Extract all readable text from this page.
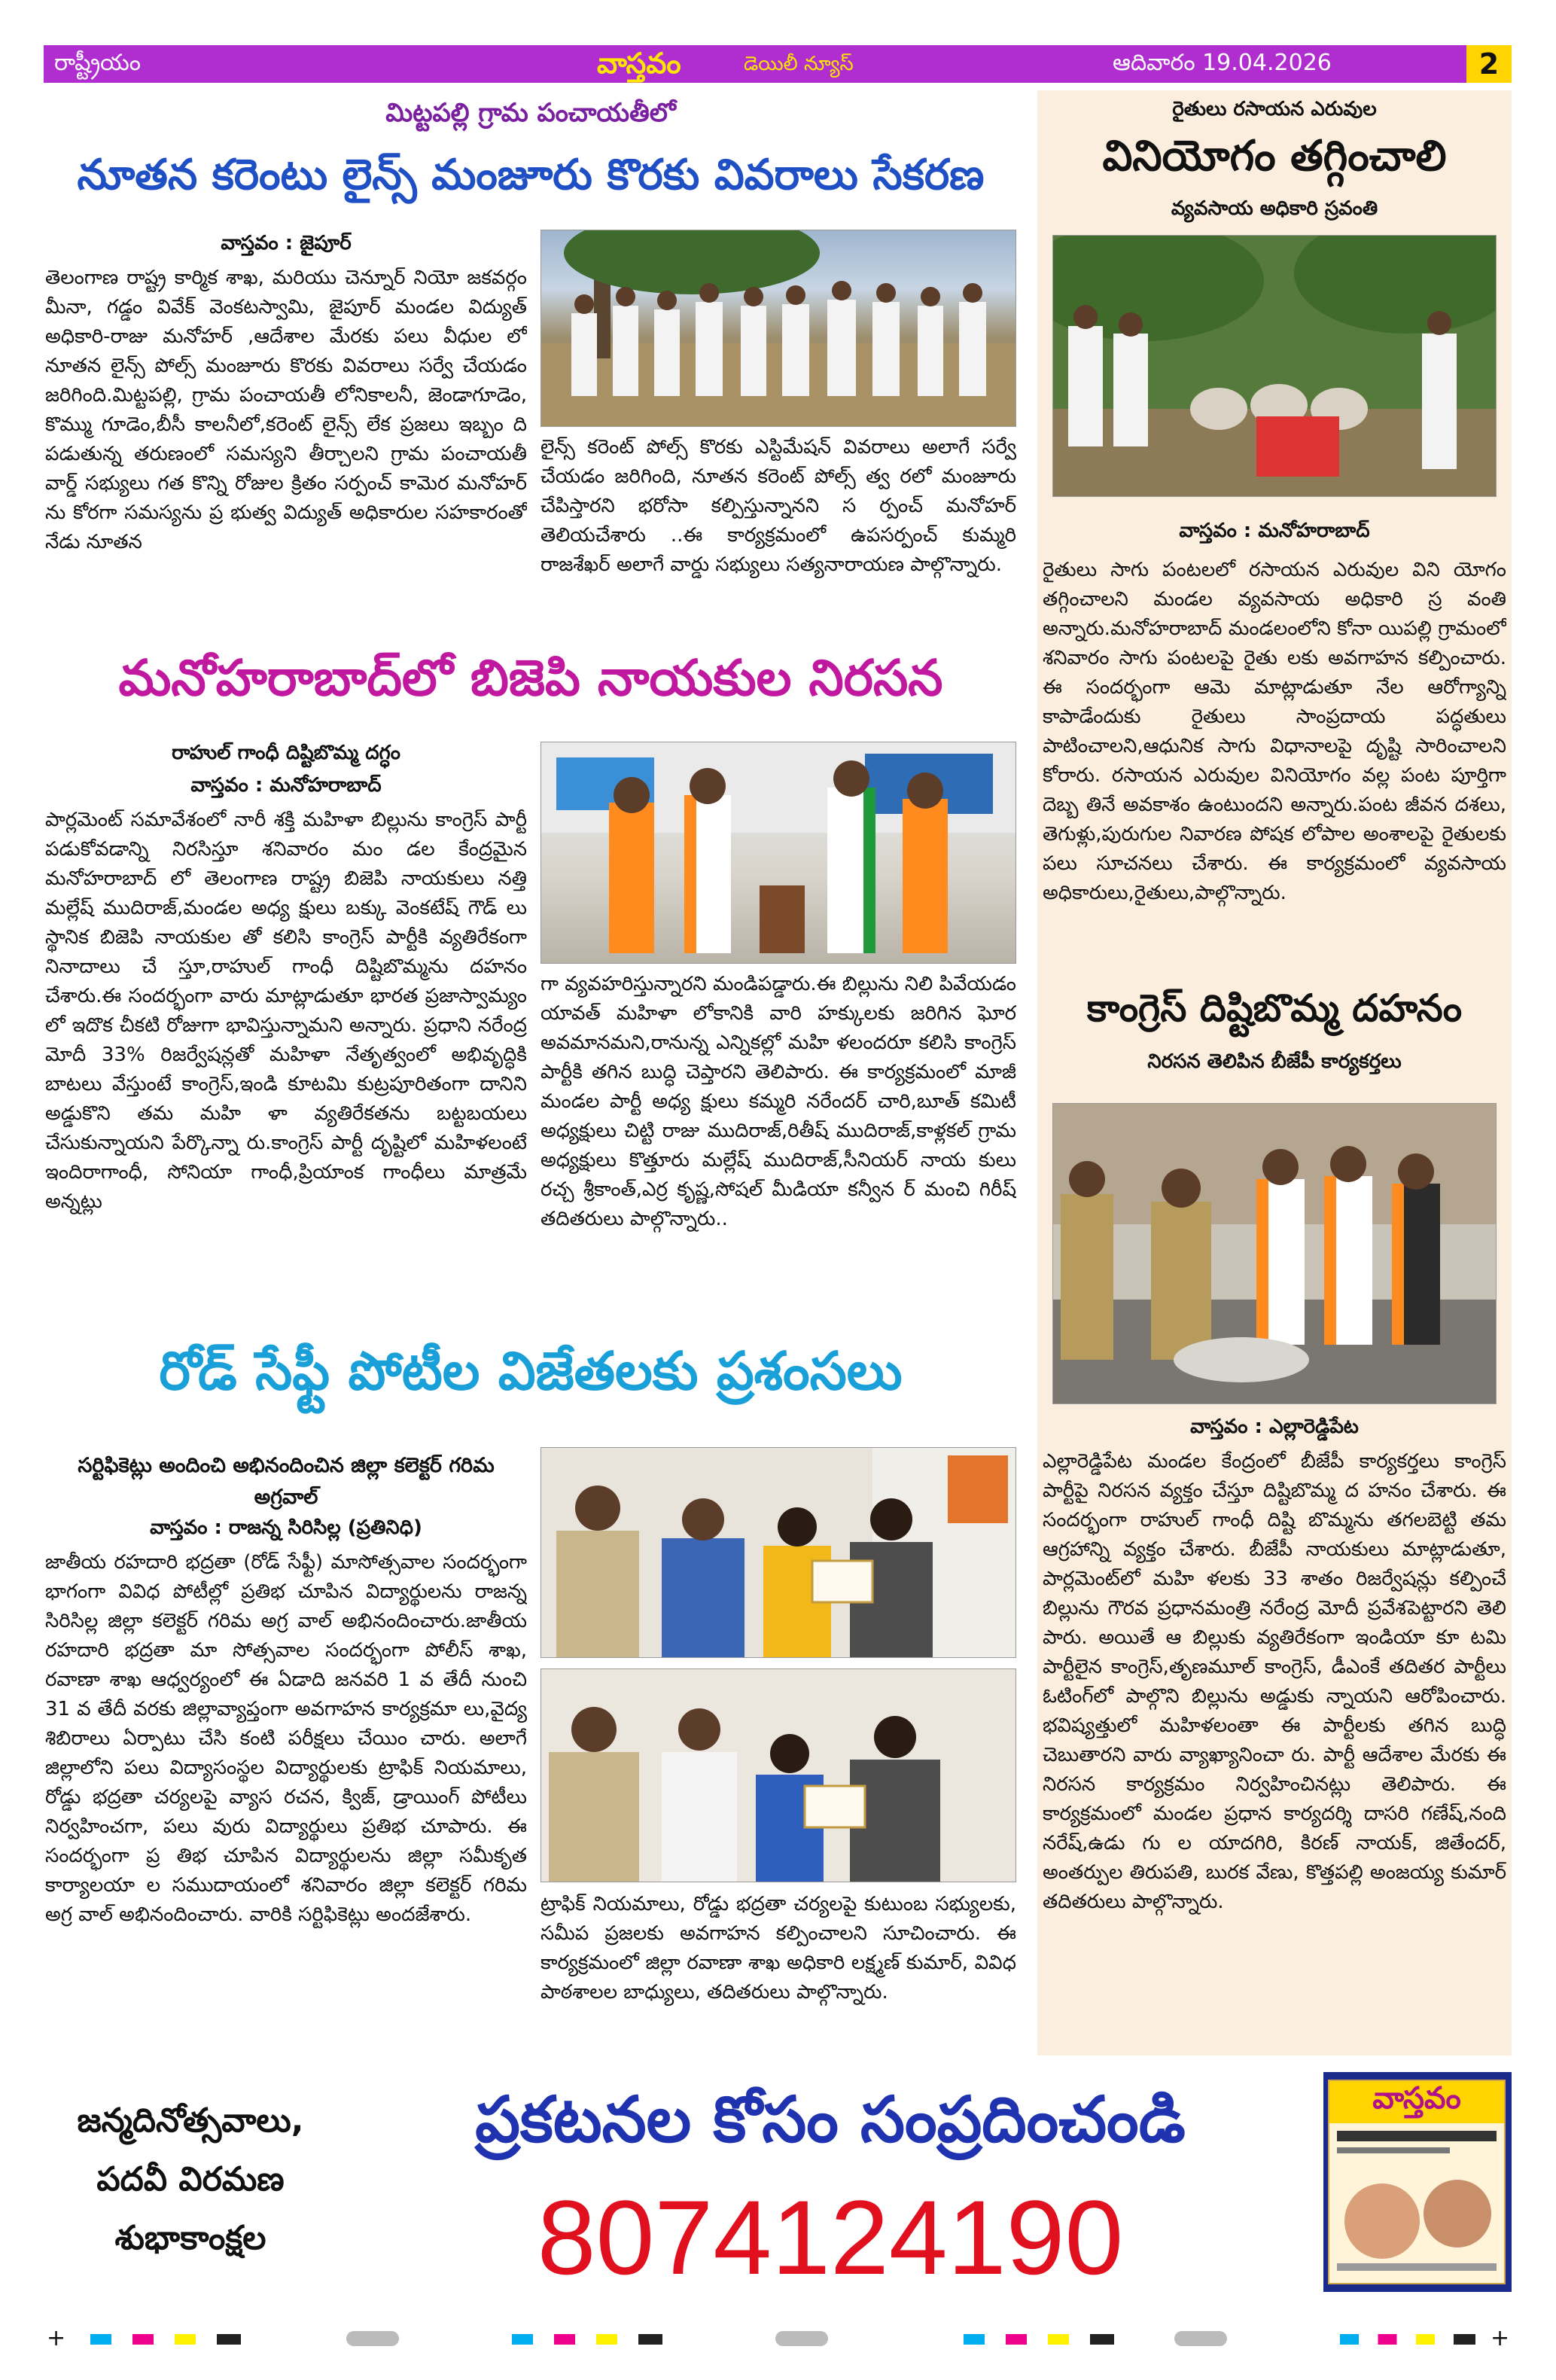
రాష్ట్రీయం	వాస్తవం	డెయిలీ న్యూస్	ఆదివారం 19.04.2026	2
మిట్టపల్లి గ్రామ పంచాయతీలో
నూతన కరెంటు లైన్స్ మంజూరు కొరకు వివరాలు సేకరణ
వాస్తవం : జైపూర్
తెలంగాణ రాష్ట్ర కార్మిక శాఖ, మరియు చెన్నూర్ నియో జకవర్గం మీనా, గడ్డం వివేక్ వెంకటస్వామి, జైపూర్ మండల విద్యుత్ అధికారి-రాజు మనోహర్ ,ఆదేశాల మేరకు పలు వీధుల లో నూతన లైన్స్ పోల్స్ మంజూరు కొరకు వివరాలు సర్వే చేయడం జరిగింది.మిట్టపల్లి, గ్రామ పంచాయతీ లోనికాలనీ, జెండాగూడెం, కొమ్ము గూడెం,బీసీ కాలనీలో,కరెంట్ లైన్స్ లేక ప్రజలు ఇబ్బం ది పడుతున్న తరుణంలో సమస్యని తీర్చాలని గ్రామ పంచాయతీ వార్డ్ సభ్యులు గత కొన్ని రోజుల క్రితం సర్పంచ్ కామెర మనోహర్ ను కోరగా సమస్యను ప్ర భుత్వ విద్యుత్ అధికారుల సహకారంతో నేడు నూతన
లైన్స్ కరెంట్ పోల్స్ కొరకు ఎస్టిమేషన్ వివరాలు అలాగే సర్వే చేయడం జరిగింది, నూతన కరెంట్ పోల్స్ త్వ రలో మంజూరు చేపిస్తారని భరోసా కల్పిస్తున్నానని స ర్పంచ్ మనోహర్ తెలియచేశారు ..ఈ కార్యక్రమంలో ఉపసర్పంచ్ కుమ్మరి రాజశేఖర్ అలాగే వార్డు సభ్యులు సత్యనారాయణ పాల్గొన్నారు.
మనోహరాబాద్‌లో బిజెపి నాయకుల నిరసన
రాహుల్ గాంధీ దిష్టిబొమ్మ దగ్ధం
వాస్తవం : మనోహరాబాద్
పార్లమెంట్ సమావేశంలో నారీ శక్తి మహిళా బిల్లును కాంగ్రెస్ పార్టీ పడుకోవడాన్ని నిరసిస్తూ శనివారం మం డల కేంద్రమైన మనోహరాబాద్ లో తెలంగాణ రాష్ట్ర బిజెపి నాయకులు నత్తి మల్లేష్ ముదిరాజ్,మండల అధ్య క్షులు బక్కు వెంకటేష్ గౌడ్ లు స్థానిక బిజెపి నాయకుల తో కలిసి కాంగ్రెస్ పార్టీకి వ్యతిరేకంగా నినాదాలు చే స్తూ,రాహుల్ గాంధీ దిష్టిబొమ్మను దహనం చేశారు.ఈ సందర్భంగా వారు మాట్లాడుతూ భారత ప్రజాస్వామ్యం లో ఇదొక చీకటి రోజుగా భావిస్తున్నామని అన్నారు. ప్రధాని నరేంద్ర మోదీ 33% రిజర్వేషన్లతో మహిళా నేతృత్వంలో అభివృద్ధికి బాటలు వేస్తుంటే కాంగ్రెస్,ఇండి కూటమి కుట్రపూరితంగా దానిని అడ్డుకొని తమ మహి ళా వ్యతిరేకతను బట్టబయలు చేసుకున్నాయని పేర్కొన్నా రు.కాంగ్రెస్ పార్టీ దృష్టిలో మహిళలంటే ఇందిరాగాంధీ, సోనియా గాంధీ,ప్రియాంక గాంధీలు మాత్రమే అన్నట్లు
గా వ్యవహరిస్తున్నారని మండిపడ్డారు.ఈ బిల్లును నిలి పివేయడం యావత్ మహిళా లోకానికి వారి హక్కులకు జరిగిన ఘోర అవమానమని,రానున్న ఎన్నికల్లో మహి ళలందరూ కలిసి కాంగ్రెస్ పార్టీకి తగిన బుద్ధి చెప్తారని తెలిపారు. ఈ కార్యక్రమంలో మాజీ మండల పార్టీ అధ్య క్షులు కమ్మరి నరేందర్ చారి,బూత్ కమిటీ అధ్యక్షులు చిట్టి రాజు ముదిరాజ్,రితీష్ ముదిరాజ్,కాళ్లకల్ గ్రామ అధ్యక్షులు కొత్తూరు మల్లేష్ ముదిరాజ్,సీనియర్ నాయ కులు రచ్చ శ్రీకాంత్,ఎర్ర కృష్ణ,సోషల్ మీడియా కన్వీన ర్ మంచి గిరీష్ తదితరులు పాల్గొన్నారు..
రోడ్ సేఫ్టీ పోటీల విజేతలకు ప్రశంసలు
సర్టిఫికెట్లు అందించి అభినందించిన జిల్లా కలెక్టర్ గరిమ అగ్రవాల్
వాస్తవం : రాజన్న సిరిసిల్ల (ప్రతినిధి)
జాతీయ రహదారి భద్రతా (రోడ్ సేఫ్టీ) మాసోత్సవాల సందర్భంగా భాగంగా వివిధ పోటీల్లో ప్రతిభ చూపిన విద్యార్థులను రాజన్న సిరిసిల్ల జిల్లా కలెక్టర్ గరిమ అగ్ర వాల్ అభినందించారు.జాతీయ రహదారి భద్రతా మా సోత్సవాల సందర్భంగా పోలీస్ శాఖ, రవాణా శాఖ ఆధ్వర్యంలో ఈ ఏడాది జనవరి 1 వ తేదీ నుంచి 31 వ తేదీ వరకు జిల్లావ్యాప్తంగా అవగాహన కార్యక్రమా లు,వైద్య శిబిరాలు ఏర్పాటు చేసి కంటి పరీక్షలు చేయిం చారు. అలాగే జిల్లాలోని పలు విద్యాసంస్థల విద్యార్థులకు ట్రాఫిక్ నియమాలు, రోడ్డు భద్రతా చర్యలపై వ్యాస రచన, క్విజ్, డ్రాయింగ్ పోటీలు నిర్వహించగా, పలు వురు విద్యార్థులు ప్రతిభ చూపారు. ఈ సందర్భంగా ప్ర తిభ చూపిన విద్యార్థులను జిల్లా సమీకృత కార్యాలయా ల సముదాయంలో శనివారం జిల్లా కలెక్టర్ గరిమ అగ్ర వాల్ అభినందించారు. వారికి సర్టిఫికెట్లు అందజేశారు.	ట్రాఫిక్ నియమాలు, రోడ్డు భద్రతా చర్యలపై కుటుంబ సభ్యులకు, సమీప ప్రజలకు అవగాహన కల్పించాలని సూచించారు. ఈ కార్యక్రమంలో జిల్లా రవాణా శాఖ అధికారి లక్ష్మణ్ కుమార్, వివిధ పాఠశాలల బాధ్యులు, తదితరులు పాల్గొన్నారు.
రైతులు రసాయన ఎరువుల
వినియోగం తగ్గించాలి
వ్యవసాయ అధికారి స్రవంతి
వాస్తవం : మనోహరాబాద్
రైతులు సాగు పంటలలో రసాయన ఎరువుల విని యోగం తగ్గించాలని మండల వ్యవసాయ అధికారి స్ర వంతి అన్నారు.మనోహరాబాద్ మండలంలోని కోనా యిపల్లి గ్రామంలో శనివారం సాగు పంటలపై రైతు లకు అవగాహన కల్పించారు. ఈ సందర్భంగా ఆమె మాట్లాడుతూ నేల ఆరోగ్యాన్ని కాపాడేందుకు రైతులు సాంప్రదాయ పద్ధతులు పాటించాలని,ఆధునిక సాగు విధానాలపై దృష్టి సారించాలని కోరారు. రసాయన ఎరువుల వినియోగం వల్ల పంట పూర్తిగా దెబ్బ తినే అవకాశం ఉంటుందని అన్నారు.పంట జీవన దశలు, తెగుళ్లు,పురుగుల నివారణ పోషక లోపాల అంశాలపై రైతులకు పలు సూచనలు చేశారు. ఈ కార్యక్రమంలో వ్యవసాయ అధికారులు,రైతులు,పాల్గొన్నారు.
కాంగ్రెస్ దిష్టిబొమ్మ దహనం
నిరసన తెలిపిన బీజేపీ కార్యకర్తలు
వాస్తవం : ఎల్లారెడ్డిపేట
ఎల్లారెడ్డిపేట మండల కేంద్రంలో బీజేపీ కార్యకర్తలు కాంగ్రెస్ పార్టీపై నిరసన వ్యక్తం చేస్తూ దిష్టిబొమ్మ ద హనం చేశారు. ఈ సందర్భంగా రాహుల్ గాంధీ దిష్టి బొమ్మను తగలబెట్టి తమ ఆగ్రహాన్ని వ్యక్తం చేశారు. బీజేపీ నాయకులు మాట్లాడుతూ, పార్లమెంట్‌లో మహి ళలకు 33 శాతం రిజర్వేషన్లు కల్పించే బిల్లును గౌరవ ప్రధానమంత్రి నరేంద్ర మోదీ ప్రవేశపెట్టారని తెలి పారు. అయితే ఆ బిల్లుకు వ్యతిరేకంగా ఇండియా కూ టమి పార్టీలైన కాంగ్రెస్,తృణమూల్ కాంగ్రెస్, డీఎంకే తదితర పార్టీలు ఓటింగ్‌లో పాల్గొని బిల్లును అడ్డుకు న్నాయని ఆరోపించారు. భవిష్యత్తులో మహిళలంతా ఈ పార్టీలకు తగిన బుద్ధి చెబుతారని వారు వ్యాఖ్యానించా రు. పార్టీ ఆదేశాల మేరకు ఈ నిరసన కార్యక్రమం నిర్వహించినట్లు తెలిపారు. ఈ కార్యక్రమంలో మండల ప్రధాన కార్యదర్శి దాసరి గణేష్,నంది నరేష్,ఉడు గు ల యాదగిరి, కిరణ్ నాయక్, జితేందర్, అంతర్పుల తిరుపతి, బురక వేణు, కొత్తపల్లి అంజయ్య కుమార్ తదితరులు పాల్గొన్నారు.
జన్మదినోత్సవాలు,
పదవీ విరమణ
శుభాకాంక్షల
ప్రకటనల కోసం సంప్రదించండి
8074124190
వాస్తవం
+	+
